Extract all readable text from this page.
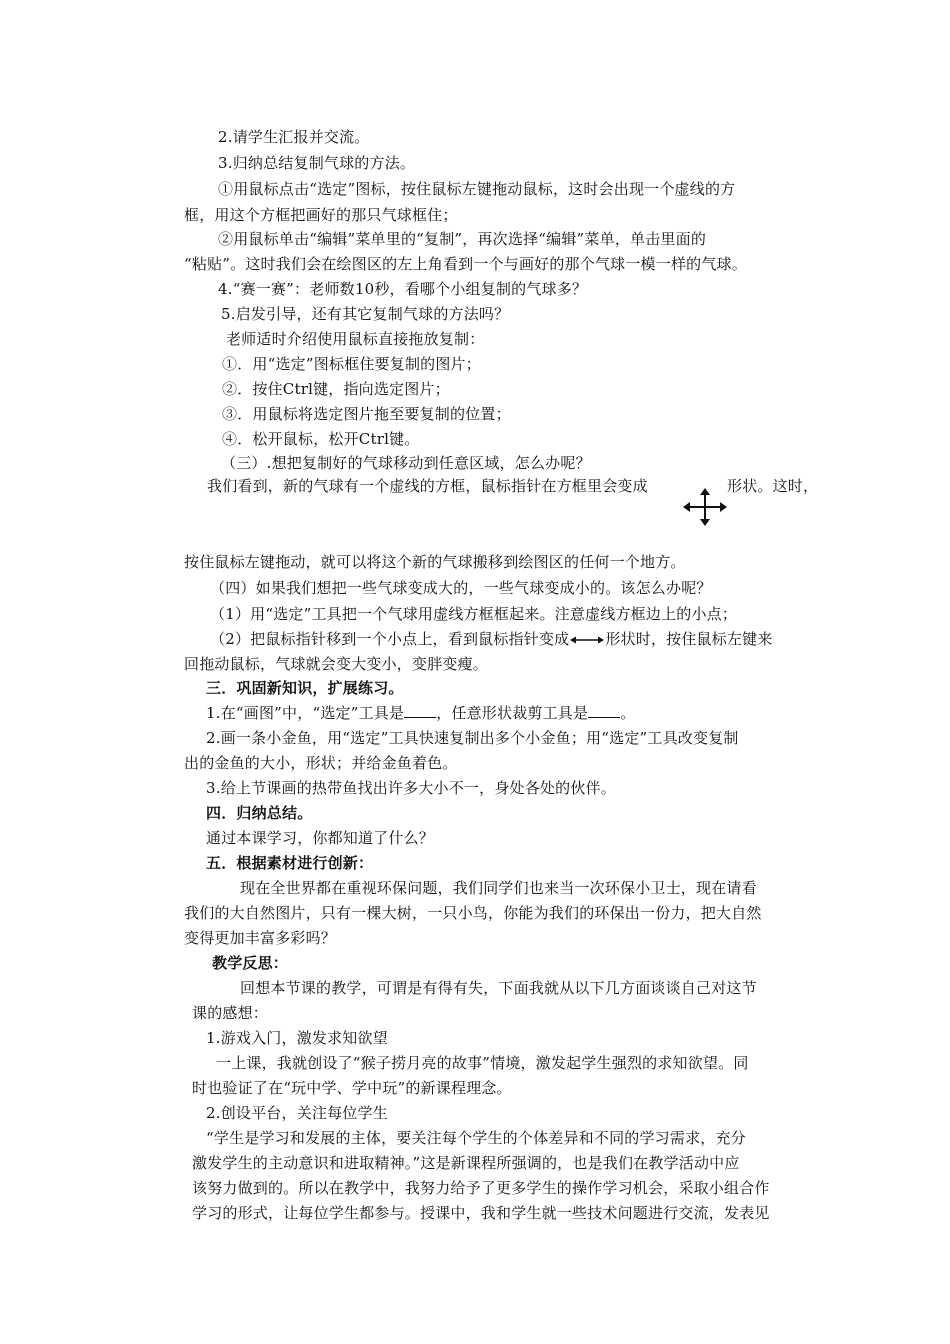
2.请学生汇报并交流。
3.归纳总结复制气球的方法。
①用鼠标点击“选定”图标，按住鼠标左键拖动鼠标，这时会出现一个虚线的方
框，用这个方框把画好的那只气球框住；
②用鼠标单击“编辑”菜单里的“复制”，再次选择“编辑”菜单，单击里面的
“粘贴”。这时我们会在绘图区的左上角看到一个与画好的那个气球一模一样的气球。
4.“赛一赛”：老师数10秒，看哪个小组复制的气球多？
5.启发引导，还有其它复制气球的方法吗？
老师适时介绍使用鼠标直接拖放复制：
①．用“选定”图标框住要复制的图片；
②．按住Ctrl键，指向选定图片；
③．用鼠标将选定图片拖至要复制的位置；
④．松开鼠标，松开Ctrl键。
（三）.想把复制好的气球移动到任意区域，怎么办呢？
我们看到，新的气球有一个虚线的方框，鼠标指针在方框里会变成	形状。这时，
按住鼠标左键拖动，就可以将这个新的气球搬移到绘图区的任何一个地方。
（四）如果我们想把一些气球变成大的，一些气球变成小的。该怎么办呢？
（1）用“选定”工具把一个气球用虚线方框框起来。注意虚线方框边上的小点；
（2）把鼠标指针移到一个小点上，看到鼠标指针变成 形状时，按住鼠标左键来
回拖动鼠标，气球就会变大变小，变胖变瘦。
三．巩固新知识，扩展练习。
1.在“画图”中，“选定”工具是 ，任意形状裁剪工具是 。
2.画一条小金鱼，用“选定”工具快速复制出多个小金鱼；用“选定”工具改变复制
出的金鱼的大小，形状；并给金鱼着色。
3.给上节课画的热带鱼找出许多大小不一，身处各处的伙伴。
四．归纳总结。
通过本课学习，你都知道了什么？
五．根据素材进行创新：
现在全世界都在重视环保问题，我们同学们也来当一次环保小卫士，现在请看
我们的大自然图片，只有一棵大树，一只小鸟，你能为我们的环保出一份力，把大自然
变得更加丰富多彩吗？
教学反思：
回想本节课的教学，可谓是有得有失，下面我就从以下几方面谈谈自己对这节
课的感想：
1.游戏入门，激发求知欲望
一上课，我就创设了“猴子捞月亮的故事”情境，激发起学生强烈的求知欲望。同
时也验证了在“玩中学、学中玩”的新课程理念。
2.创设平台，关注每位学生
“学生是学习和发展的主体，要关注每个学生的个体差异和不同的学习需求，充分
激发学生的主动意识和进取精神。”这是新课程所强调的，也是我们在教学活动中应
该努力做到的。所以在教学中，我努力给予了更多学生的操作学习机会，采取小组合作
学习的形式，让每位学生都参与。授课中，我和学生就一些技术问题进行交流，发表见
